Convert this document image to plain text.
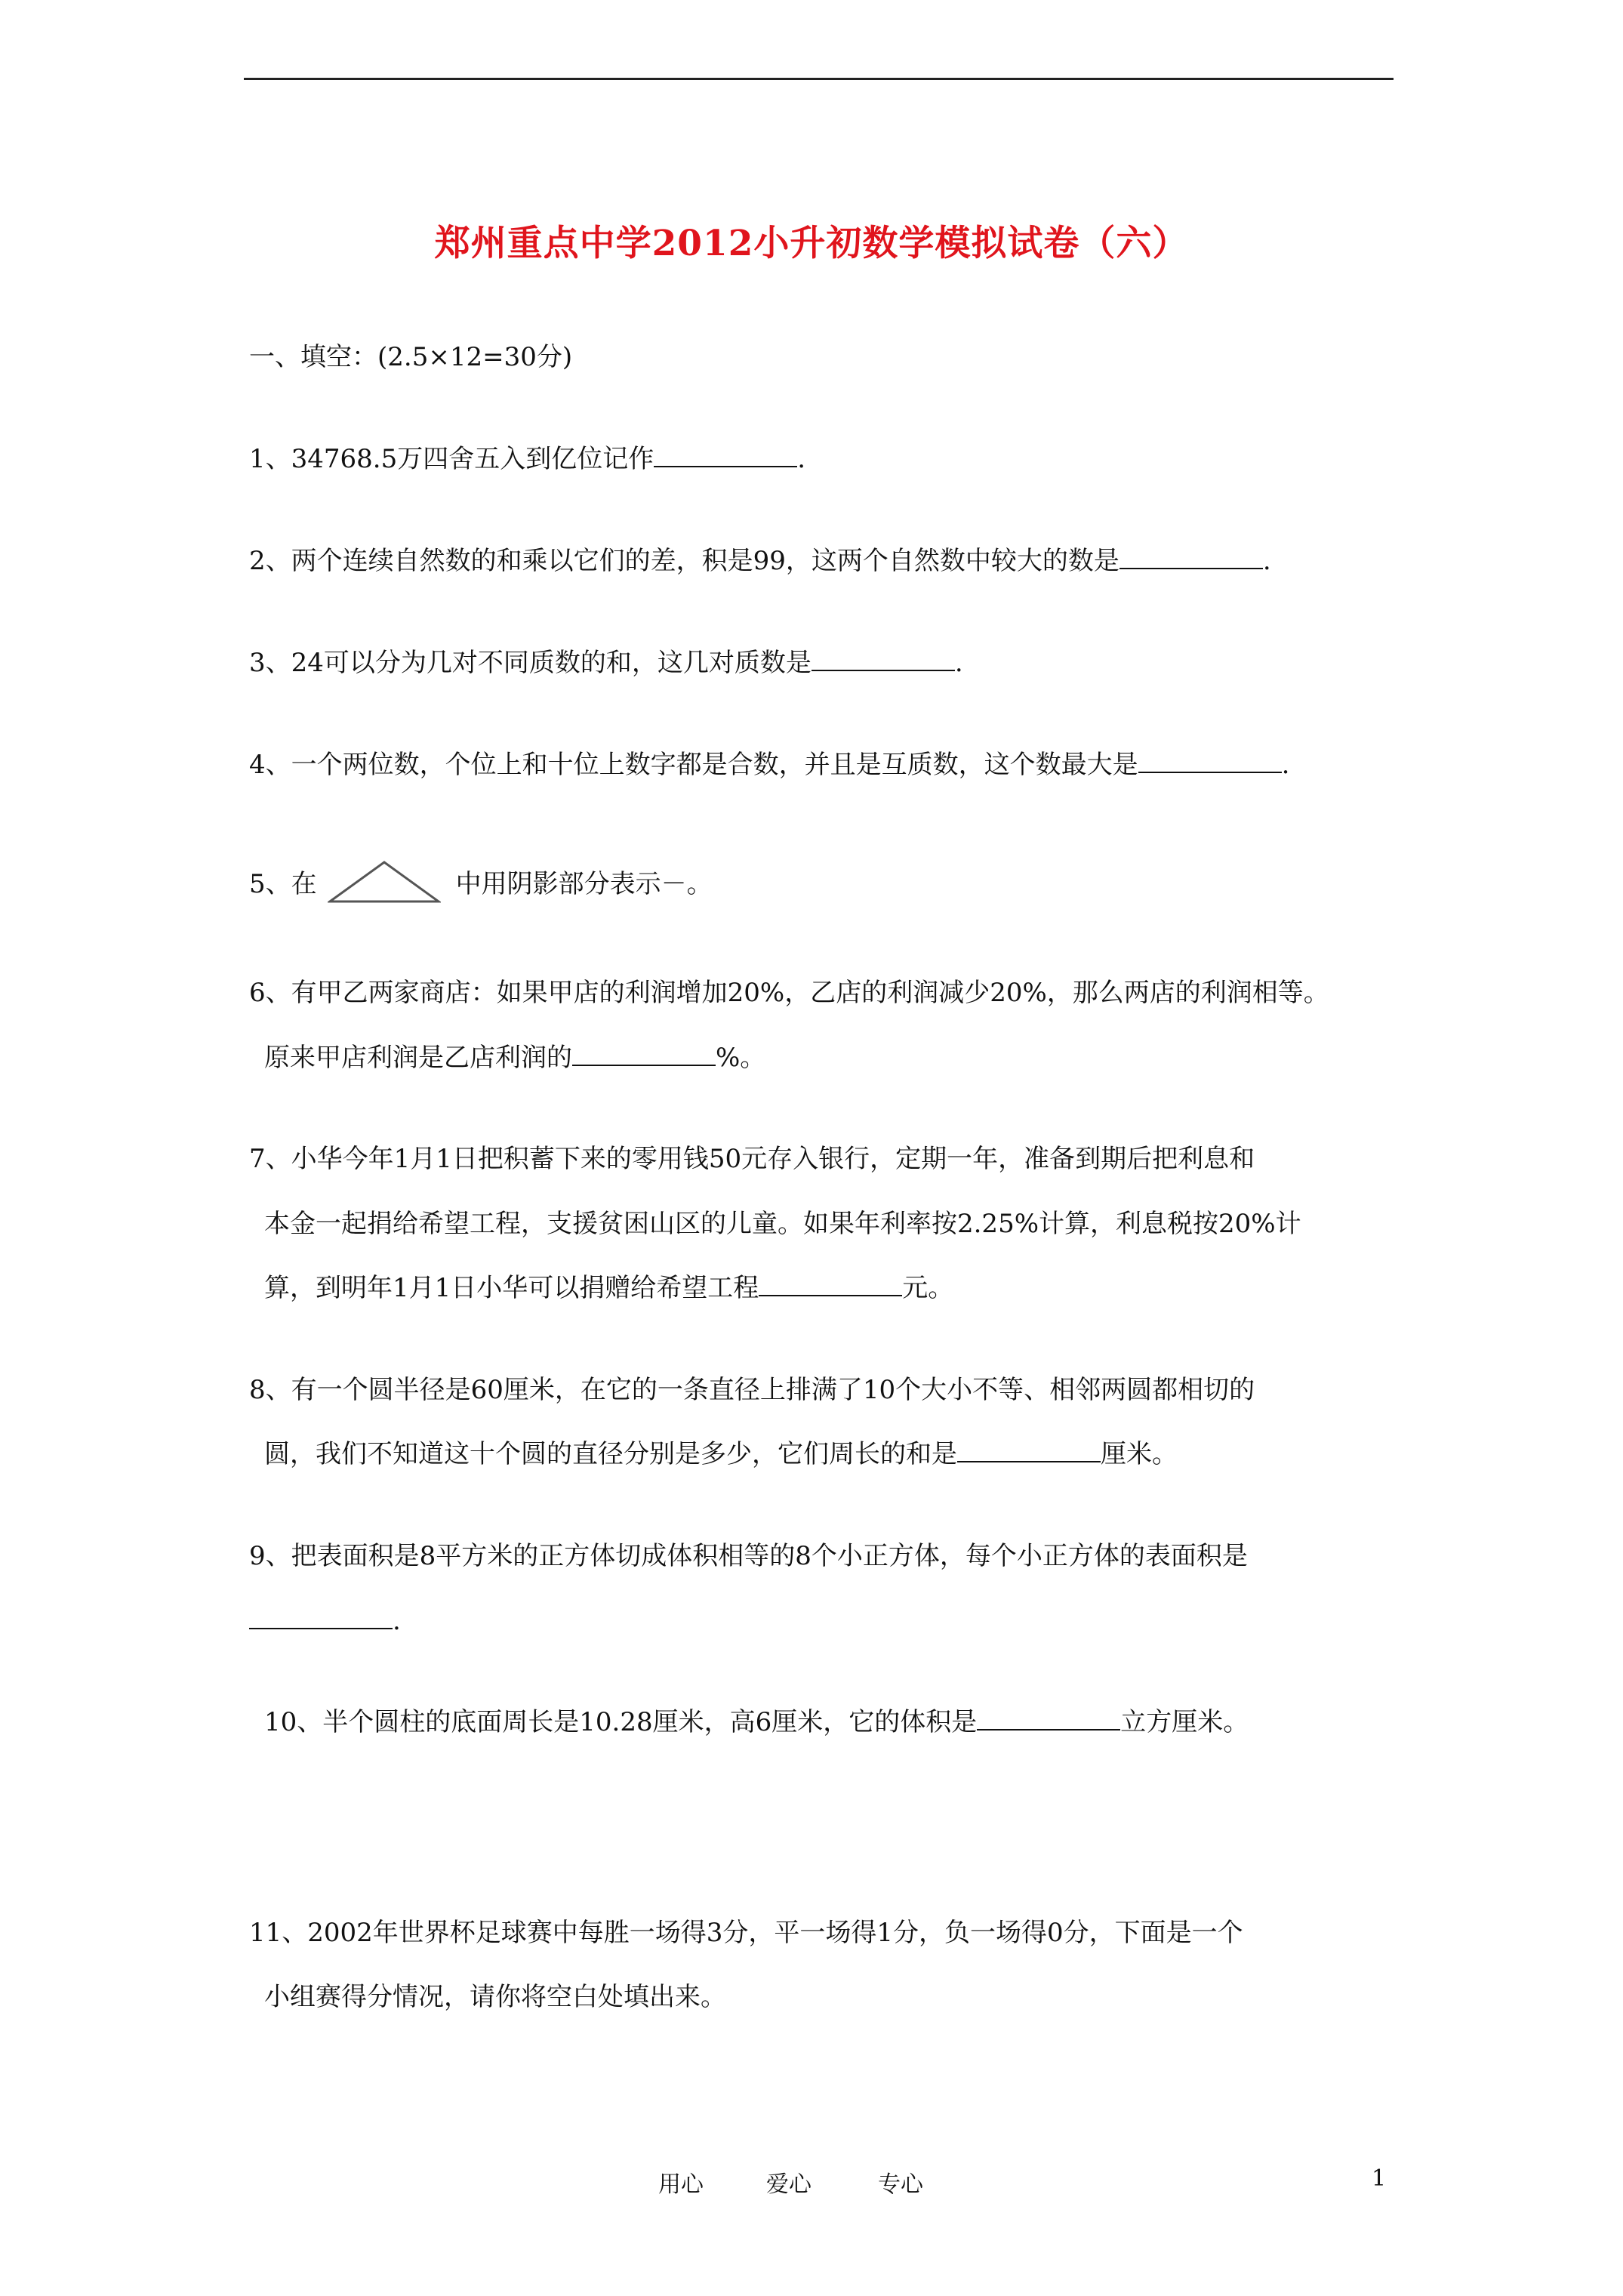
郑州重点中学2012小升初数学模拟试卷（六）
一、填空：(2.5×12=30分)
1、34768.5万四舍五入到亿位记作	.
2、两个连续自然数的和乘以它们的差，积是99，这两个自然数中较大的数是	.
3、24可以分为几对不同质数的和，这几对质数是	.
4、一个两位数，个位上和十位上数字都是合数，并且是互质数，这个数最大是	.
5、在	中用阴影部分表示－。
6、有甲乙两家商店：如果甲店的利润增加20%，乙店的利润减少20%，那么两店的利润相等。
原来甲店利润是乙店利润的	%。
7、小华今年1月1日把积蓄下来的零用钱50元存入银行，定期一年，准备到期后把利息和
本金一起捐给希望工程，支援贫困山区的儿童。如果年利率按2.25%计算，利息税按20%计
算，到明年1月1日小华可以捐赠给希望工程	元。
8、有一个圆半径是60厘米，在它的一条直径上排满了10个大小不等、相邻两圆都相切的
圆，我们不知道这十个圆的直径分别是多少，它们周长的和是	厘米。
9、把表面积是8平方米的正方体切成体积相等的8个小正方体，每个小正方体的表面积是
.
10、半个圆柱的底面周长是10.28厘米，高6厘米，它的体积是	立方厘米。
11、2002年世界杯足球赛中每胜一场得3分，平一场得1分，负一场得0分，下面是一个
小组赛得分情况，请你将空白处填出来。
用心	爱心	专心	1
